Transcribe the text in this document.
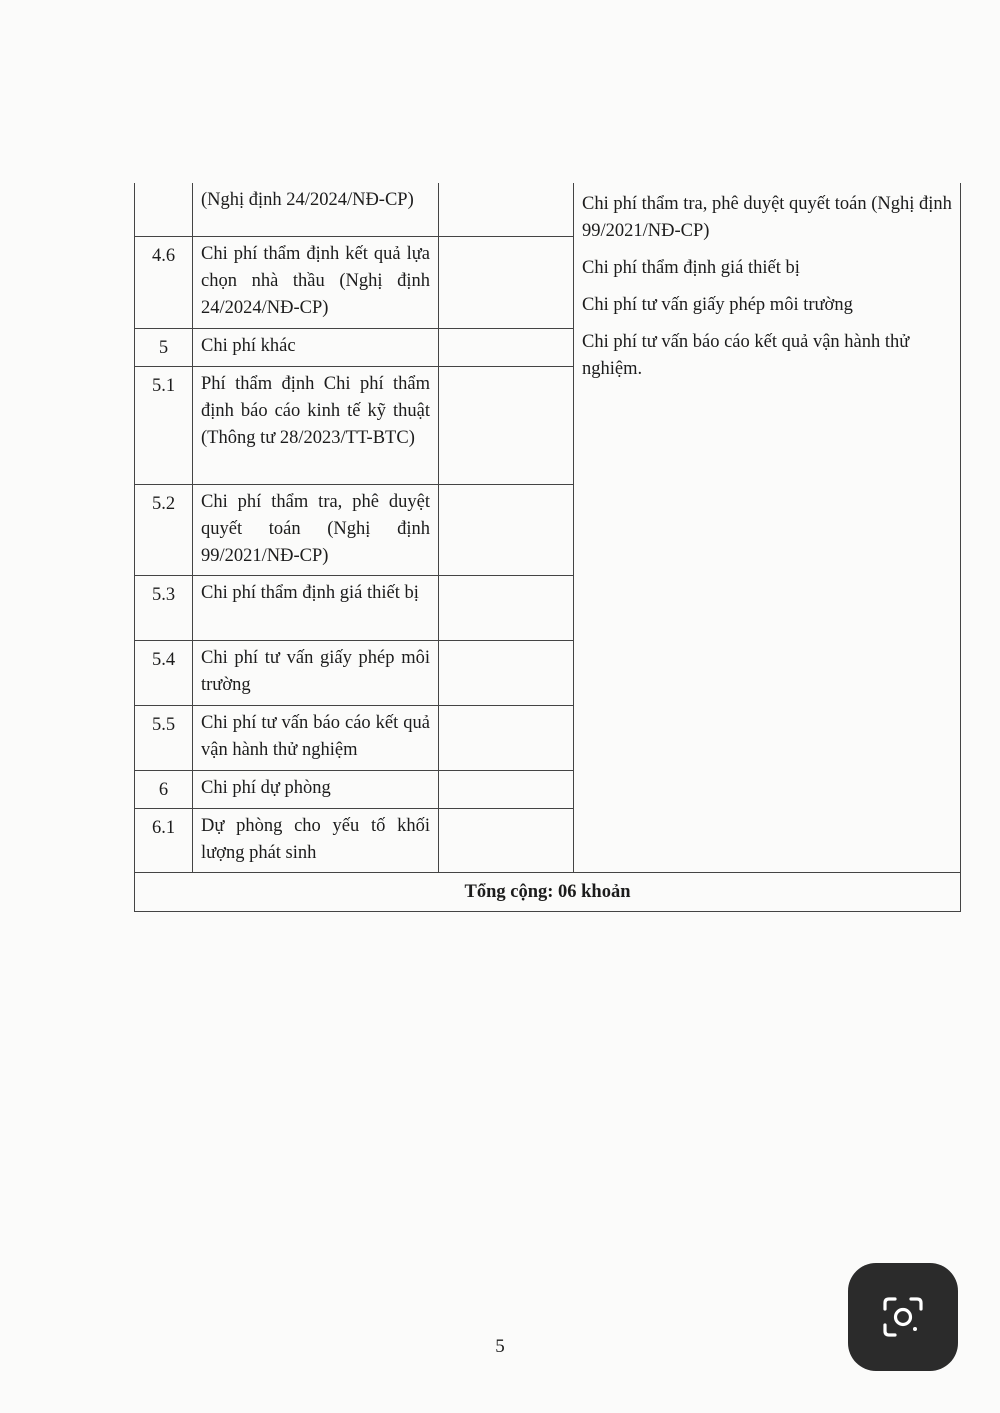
	(Nghị định 24/2024/NĐ-CP)		Chi phí thẩm tra, phê duyệt quyết toán (Nghị định 99/2021/NĐ-CP)

Chi phí thẩm định giá thiết bị

Chi phí tư vấn giấy phép môi trường

Chi phí tư vấn báo cáo kết quả vận hành thử nghiệm.

4.6	Chi phí thẩm định kết quả lựa chọn nhà thầu (Nghị định 24/2024/NĐ-CP)		
5	Chi phí khác		
5.1	Phí thẩm định Chi phí thẩm định báo cáo kinh tế kỹ thuật (Thông tư 28/2023/TT-BTC)		
5.2	Chi phí thẩm tra, phê duyệt quyết toán (Nghị định 99/2021/NĐ-CP)		
5.3	Chi phí thẩm định giá thiết bị		
5.4	Chi phí tư vấn giấy phép môi trường		
5.5	Chi phí tư vấn báo cáo kết quả vận hành thử nghiệm		
6	Chi phí dự phòng		
6.1	Dự phòng cho yếu tố khối lượng phát sinh		
Tổng cộng: 06 khoản			
5
